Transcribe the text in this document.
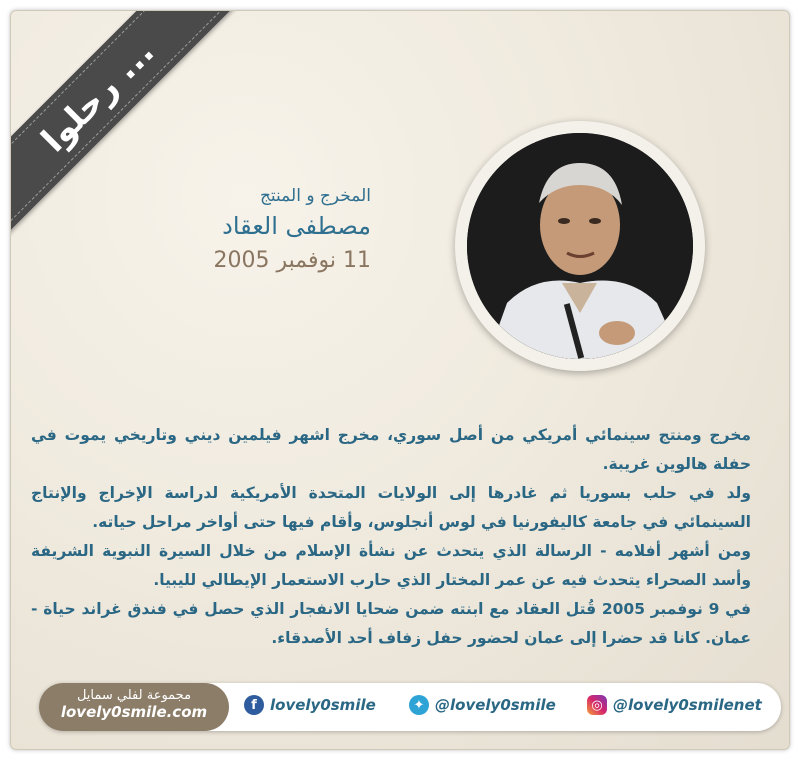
رحلوا ...
المخرج و المنتج
مصطفى العقاد
11 نوفمبر 2005

مخرج ومنتج سينمائي أمريكي من أصل سوري، مخرج اشهر فيلمين ديني وتاريخي يموت في حفلة هالوين غريبة.

ولد في حلب بسوريا ثم غادرها إلى الولايات المتحدة الأمريكية لدراسة الإخراج والإنتاج السينمائي في جامعة كاليفورنيا في لوس أنجلوس، وأقام فيها حتى أواخر مراحل حياته.

ومن أشهر أفلامه - الرسالة الذي يتحدث عن نشأة الإسلام من خلال السيرة النبوية الشريفة وأسد الصحراء يتحدث فيه عن عمر المختار الذي حارب الاستعمار الإيطالي لليبيا.

في 9 نوفمبر 2005 قُتل العقاد مع ابنته ضمن ضحايا الانفجار الذي حصل في فندق غراند حياة - عمان. كانا قد حضرا إلى عمان لحضور حفل زفاف أحد الأصدقاء.

مجموعة لفلي سمايل
lovely0smile.com	f lovely0smile	✦ @lovely0smile	◎ @lovely0smilenet
